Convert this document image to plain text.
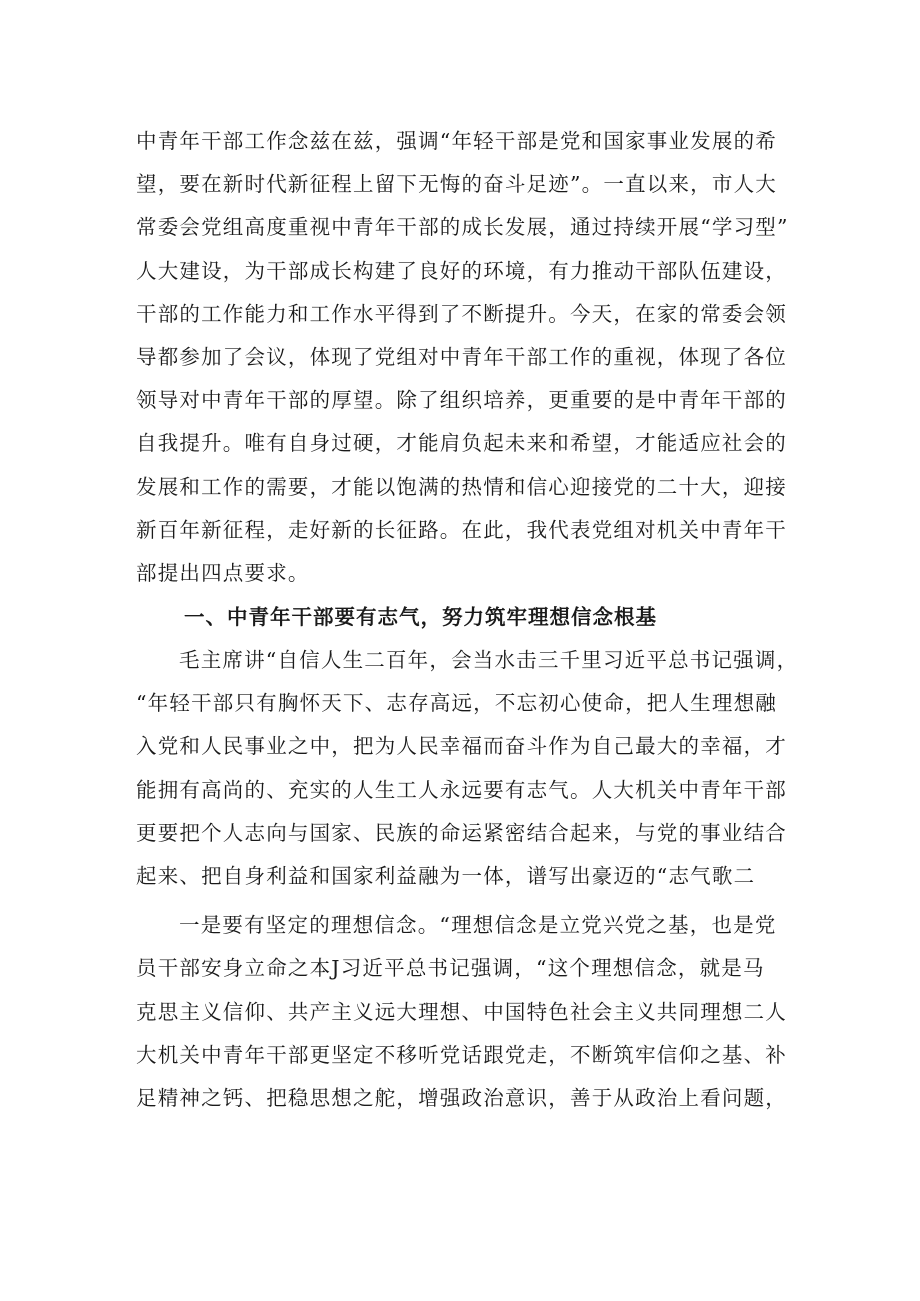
中青年干部工作念兹在兹，强调“年轻干部是党和国家事业发展的希
望，要在新时代新征程上留下无悔的奋斗足迹”。一直以来，市人大
常委会党组高度重视中青年干部的成长发展，通过持续开展“学习型”
人大建设，为干部成长构建了良好的环境，有力推动干部队伍建设，
干部的工作能力和工作水平得到了不断提升。今天，在家的常委会领
导都参加了会议，体现了党组对中青年干部工作的重视，体现了各位
领导对中青年干部的厚望。除了组织培养，更重要的是中青年干部的
自我提升。唯有自身过硬，才能肩负起未来和希望，才能适应社会的
发展和工作的需要，才能以饱满的热情和信心迎接党的二十大，迎接
新百年新征程，走好新的长征路。在此，我代表党组对机关中青年干
部提出四点要求。
一、中青年干部要有志气，努力筑牢理想信念根基
毛主席讲“自信人生二百年，会当水击三千里习近平总书记强调，
“年轻干部只有胸怀天下、志存高远，不忘初心使命，把人生理想融
入党和人民事业之中，把为人民幸福而奋斗作为自己最大的幸福，才
能拥有高尚的、充实的人生工人永远要有志气。人大机关中青年干部
更要把个人志向与国家、民族的命运紧密结合起来，与党的事业结合
起来、把自身利益和国家利益融为一体，谱写出豪迈的“志气歌二
一是要有坚定的理想信念。“理想信念是立党兴党之基，也是党
员干部安身立命之本J习近平总书记强调，“这个理想信念，就是马
克思主义信仰、共产主义远大理想、中国特色社会主义共同理想二人
大机关中青年干部更坚定不移听党话跟党走，不断筑牢信仰之基、补
足精神之钙、把稳思想之舵，增强政治意识，善于从政治上看问题，
